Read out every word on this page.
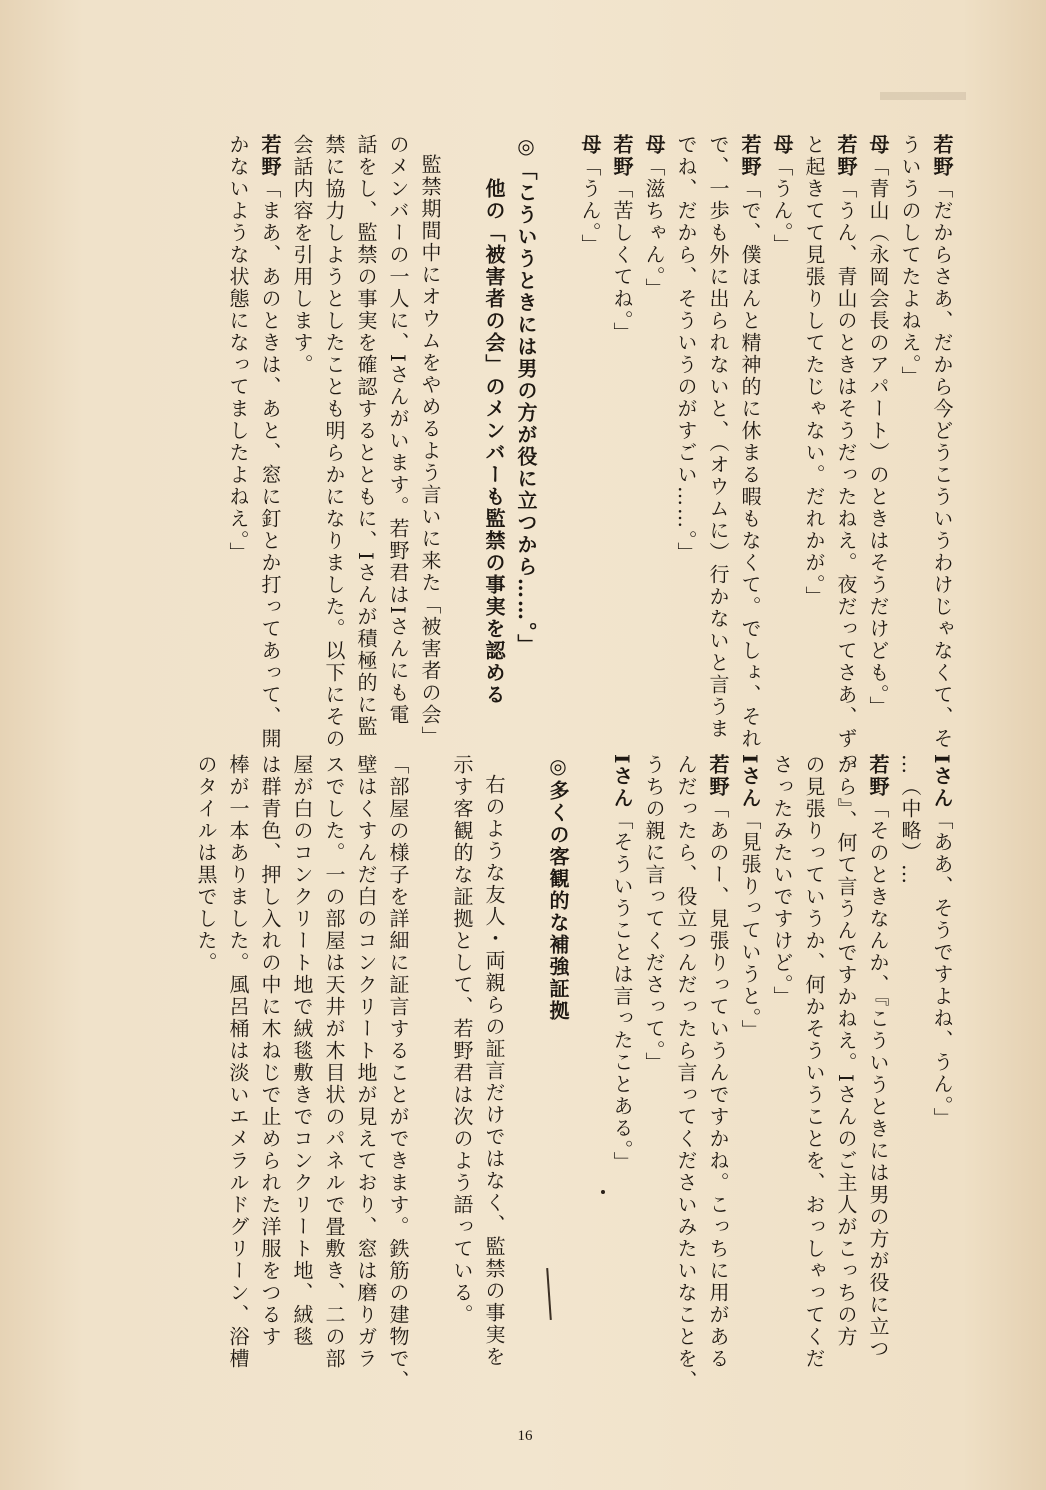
若野「だからさあ、だから今どうこういうわけじゃなくて、そ
ういうのしてたよねえ。」
母「青山（永岡会長のアパート）のときはそうだけども。」
若野「うん、青山のときはそうだったねえ。夜だってさあ、ずっ
と起きてて見張りしてたじゃない。だれかが。」
母「うん。」
若野「で、僕ほんと精神的に休まる暇もなくて。でしょ、それ
で、一歩も外に出られないと、（オウムに）行かないと言うま
でね、だから、そういうのがすごい……。」
母「滋ちゃん。」
若野「苦しくてね。」
母「うん。」

◎「こういうときには男の方が役に立つから……。」
他の「被害者の会」のメンバーも監禁の事実を認める

監禁期間中にオウムをやめるよう言いに来た「被害者の会」
のメンバーの一人に、Iさんがいます。若野君はIさんにも電
話をし、監禁の事実を確認するとともに、Iさんが積極的に監
禁に協力しようとしたことも明らかになりました。以下にその
会話内容を引用します。
若野「まあ、あのときは、あと、窓に釘とか打ってあって、開
かないような状態になってましたよねえ。」
Iさん「ああ、そうですよね、うん。」
…（中略）…
若野「そのときなんか、『こういうときには男の方が役に立つ
から』、何て言うんですかねえ。Iさんのご主人がこっちの方
の見張りっていうか、何かそういうことを、おっしゃってくだ
さったみたいですけど。」
Iさん「見張りっていうと。」
若野「あのー、見張りっていうんですかね。こっちに用がある
んだったら、役立つんだったら言ってくださいみたいなことを、
うちの親に言ってくださって。」
Iさん「そういうことは言ったことある。」

◎多くの客観的な補強証拠

右のような友人・両親らの証言だけではなく、監禁の事実を
示す客観的な証拠として、若野君は次のよう語っている。

「部屋の様子を詳細に証言することができます。鉄筋の建物で、
壁はくすんだ白のコンクリート地が見えており、窓は磨りガラ
スでした。一の部屋は天井が木目状のパネルで畳敷き、二の部
屋が白のコンクリート地で絨毯敷きでコンクリート地、絨毯
は群青色、押し入れの中に木ねじで止められた洋服をつるす
棒が一本ありました。風呂桶は淡いエメラルドグリーン、浴槽
のタイルは黒でした。
16
